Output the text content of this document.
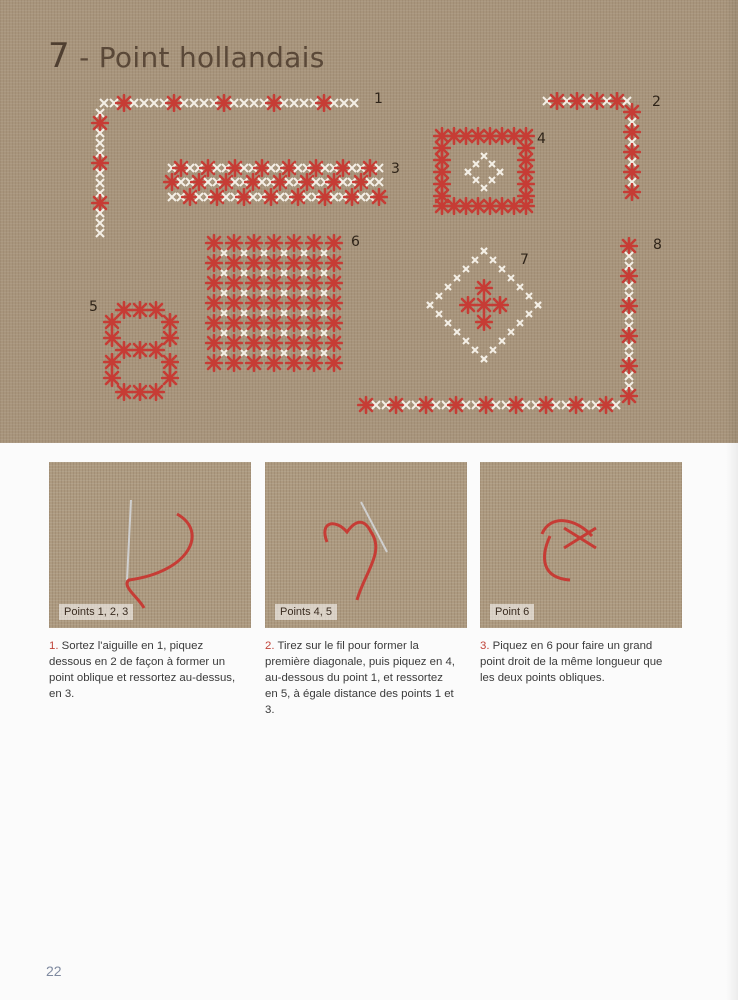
1	2
3
4
5
6
7
8
7 - Point hollandais

Points 1, 2, 3	Points 4, 5	Point 6

1. Sortez l'aiguille en 1, piquez dessous en 2 de façon à former un point oblique et ressortez au-dessus, en 3.

2. Tirez sur le fil pour former la première diagonale, puis piquez en 4, au-dessous du point 1, et ressortez en 5, à égale distance des points 1 et 3.

3. Piquez en 6 pour faire un grand point droit de la même longueur que les deux points obliques.

22
